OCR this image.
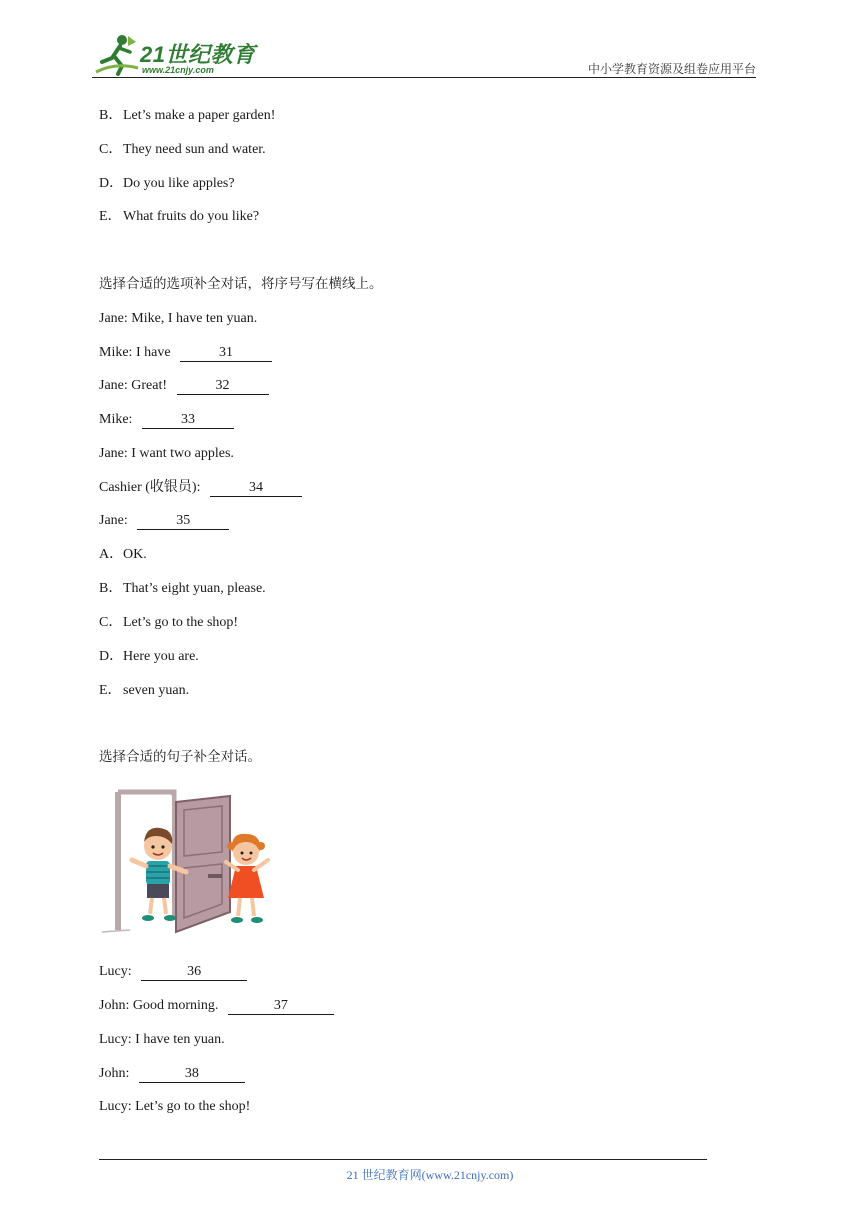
21世纪教育
www.21cnjy.com	中小学教育资源及组卷应用平台
B．Let’s make a paper garden!
C．They need sun and water.
D．Do you like apples?
E．What fruits do you like?
选择合适的选项补全对话，将序号写在横线上。
Jane: Mike, I have ten yuan.
Mike: I have	31
Jane: Great!	32
Mike:	33
Jane: I want two apples.
Cashier (收银员):	34
Jane:	35
A．OK.
B．That’s eight yuan, please.
C．Let’s go to the shop!
D．Here you are.
E．seven yuan.
选择合适的句子补全对话。
Lucy:	36
John: Good morning.	37
Lucy: I have ten yuan.
John:	38
Lucy: Let’s go to the shop!
21 世纪教育网(www.21cnjy.com)
